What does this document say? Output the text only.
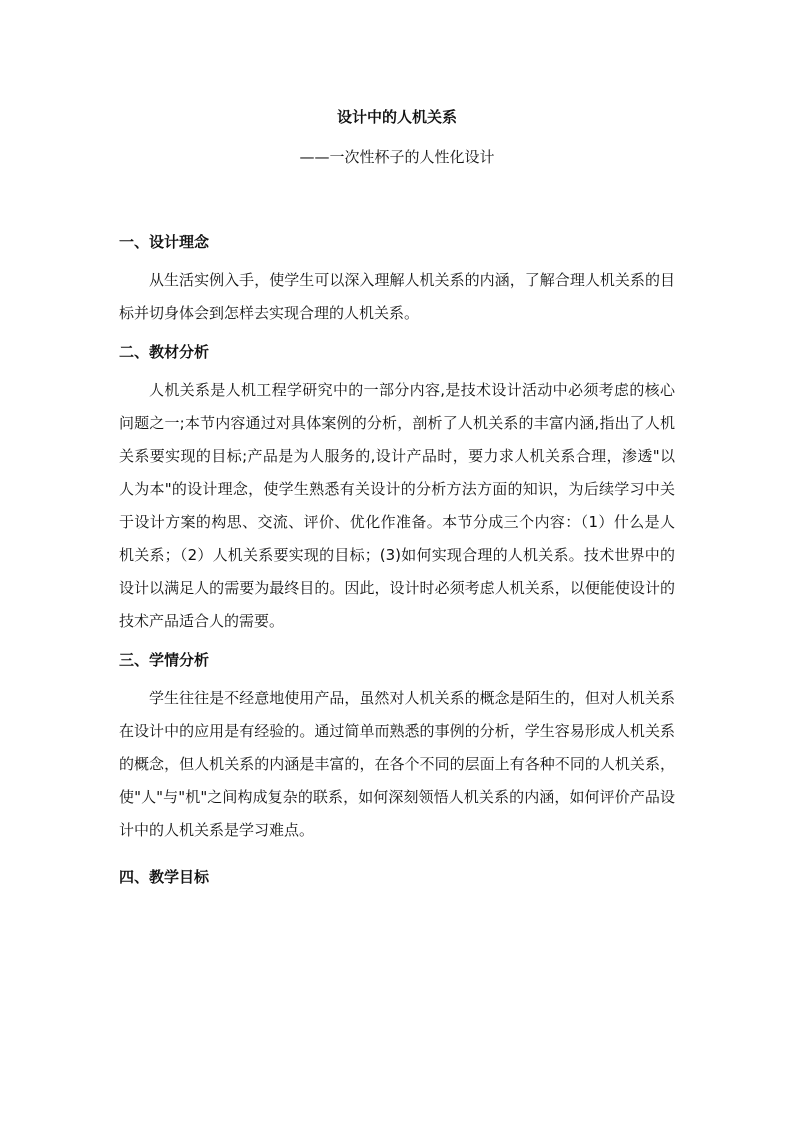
设计中的人机关系
——一次性杯子的人性化设计

一、设计理念

从生活实例入手，使学生可以深入理解人机关系的内涵，了解合理人机关系的目标并切身体会到怎样去实现合理的人机关系。

二、教材分析

人机关系是人机工程学研究中的一部分内容,是技术设计活动中必须考虑的核心问题之一;本节内容通过对具体案例的分析，剖析了人机关系的丰富内涵,指出了人机关系要实现的目标;产品是为人服务的,设计产品时，要力求人机关系合理，渗透"以人为本"的设计理念，使学生熟悉有关设计的分析方法方面的知识，为后续学习中关于设计方案的构思、交流、评价、优化作准备。本节分成三个内容：（1）什么是人机关系；（2）人机关系要实现的目标；(3)如何实现合理的人机关系。技术世界中的设计以满足人的需要为最终目的。因此，设计时必须考虑人机关系，以便能使设计的技术产品适合人的需要。

三、学情分析

学生往往是不经意地使用产品，虽然对人机关系的概念是陌生的，但对人机关系在设计中的应用是有经验的。通过简单而熟悉的事例的分析，学生容易形成人机关系的概念，但人机关系的内涵是丰富的，在各个不同的层面上有各种不同的人机关系，使"人"与"机"之间构成复杂的联系，如何深刻领悟人机关系的内涵，如何评价产品设计中的人机关系是学习难点。

四、教学目标
